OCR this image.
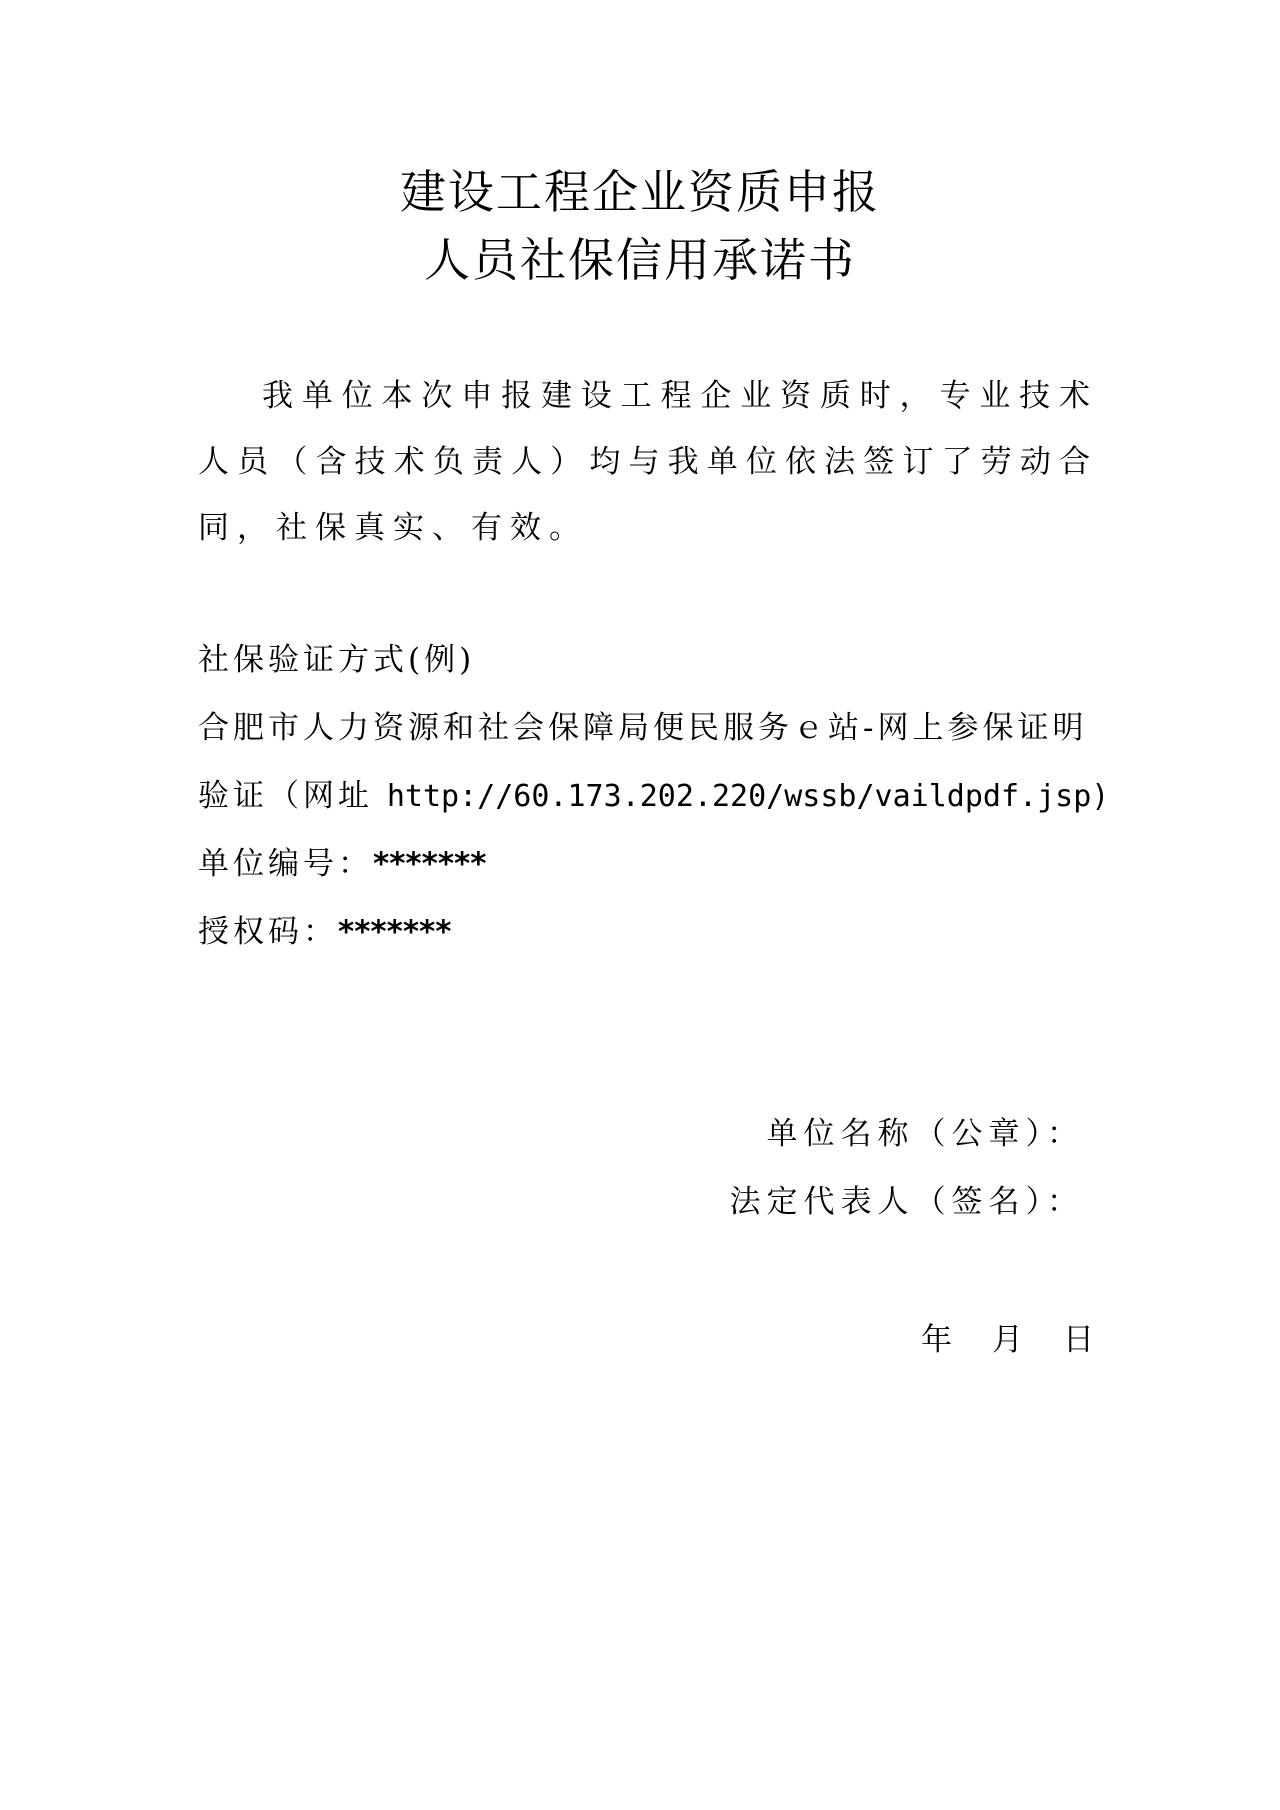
建设工程企业资质申报
人员社保信用承诺书
我单位本次申报建设工程企业资质时，专业技术人员（含技术负责人）均与我单位依法签订了劳动合同，社保真实、有效。
社保验证方式(例)
合肥市人力资源和社会保障局便民服务ｅ站-网上参保证明
验证（网址 http://60.173.202.220/wssb/vaildpdf.jsp)
单位编号：*******
授权码：*******
单位名称（公章）：
法定代表人（签名）：
年 月 日
